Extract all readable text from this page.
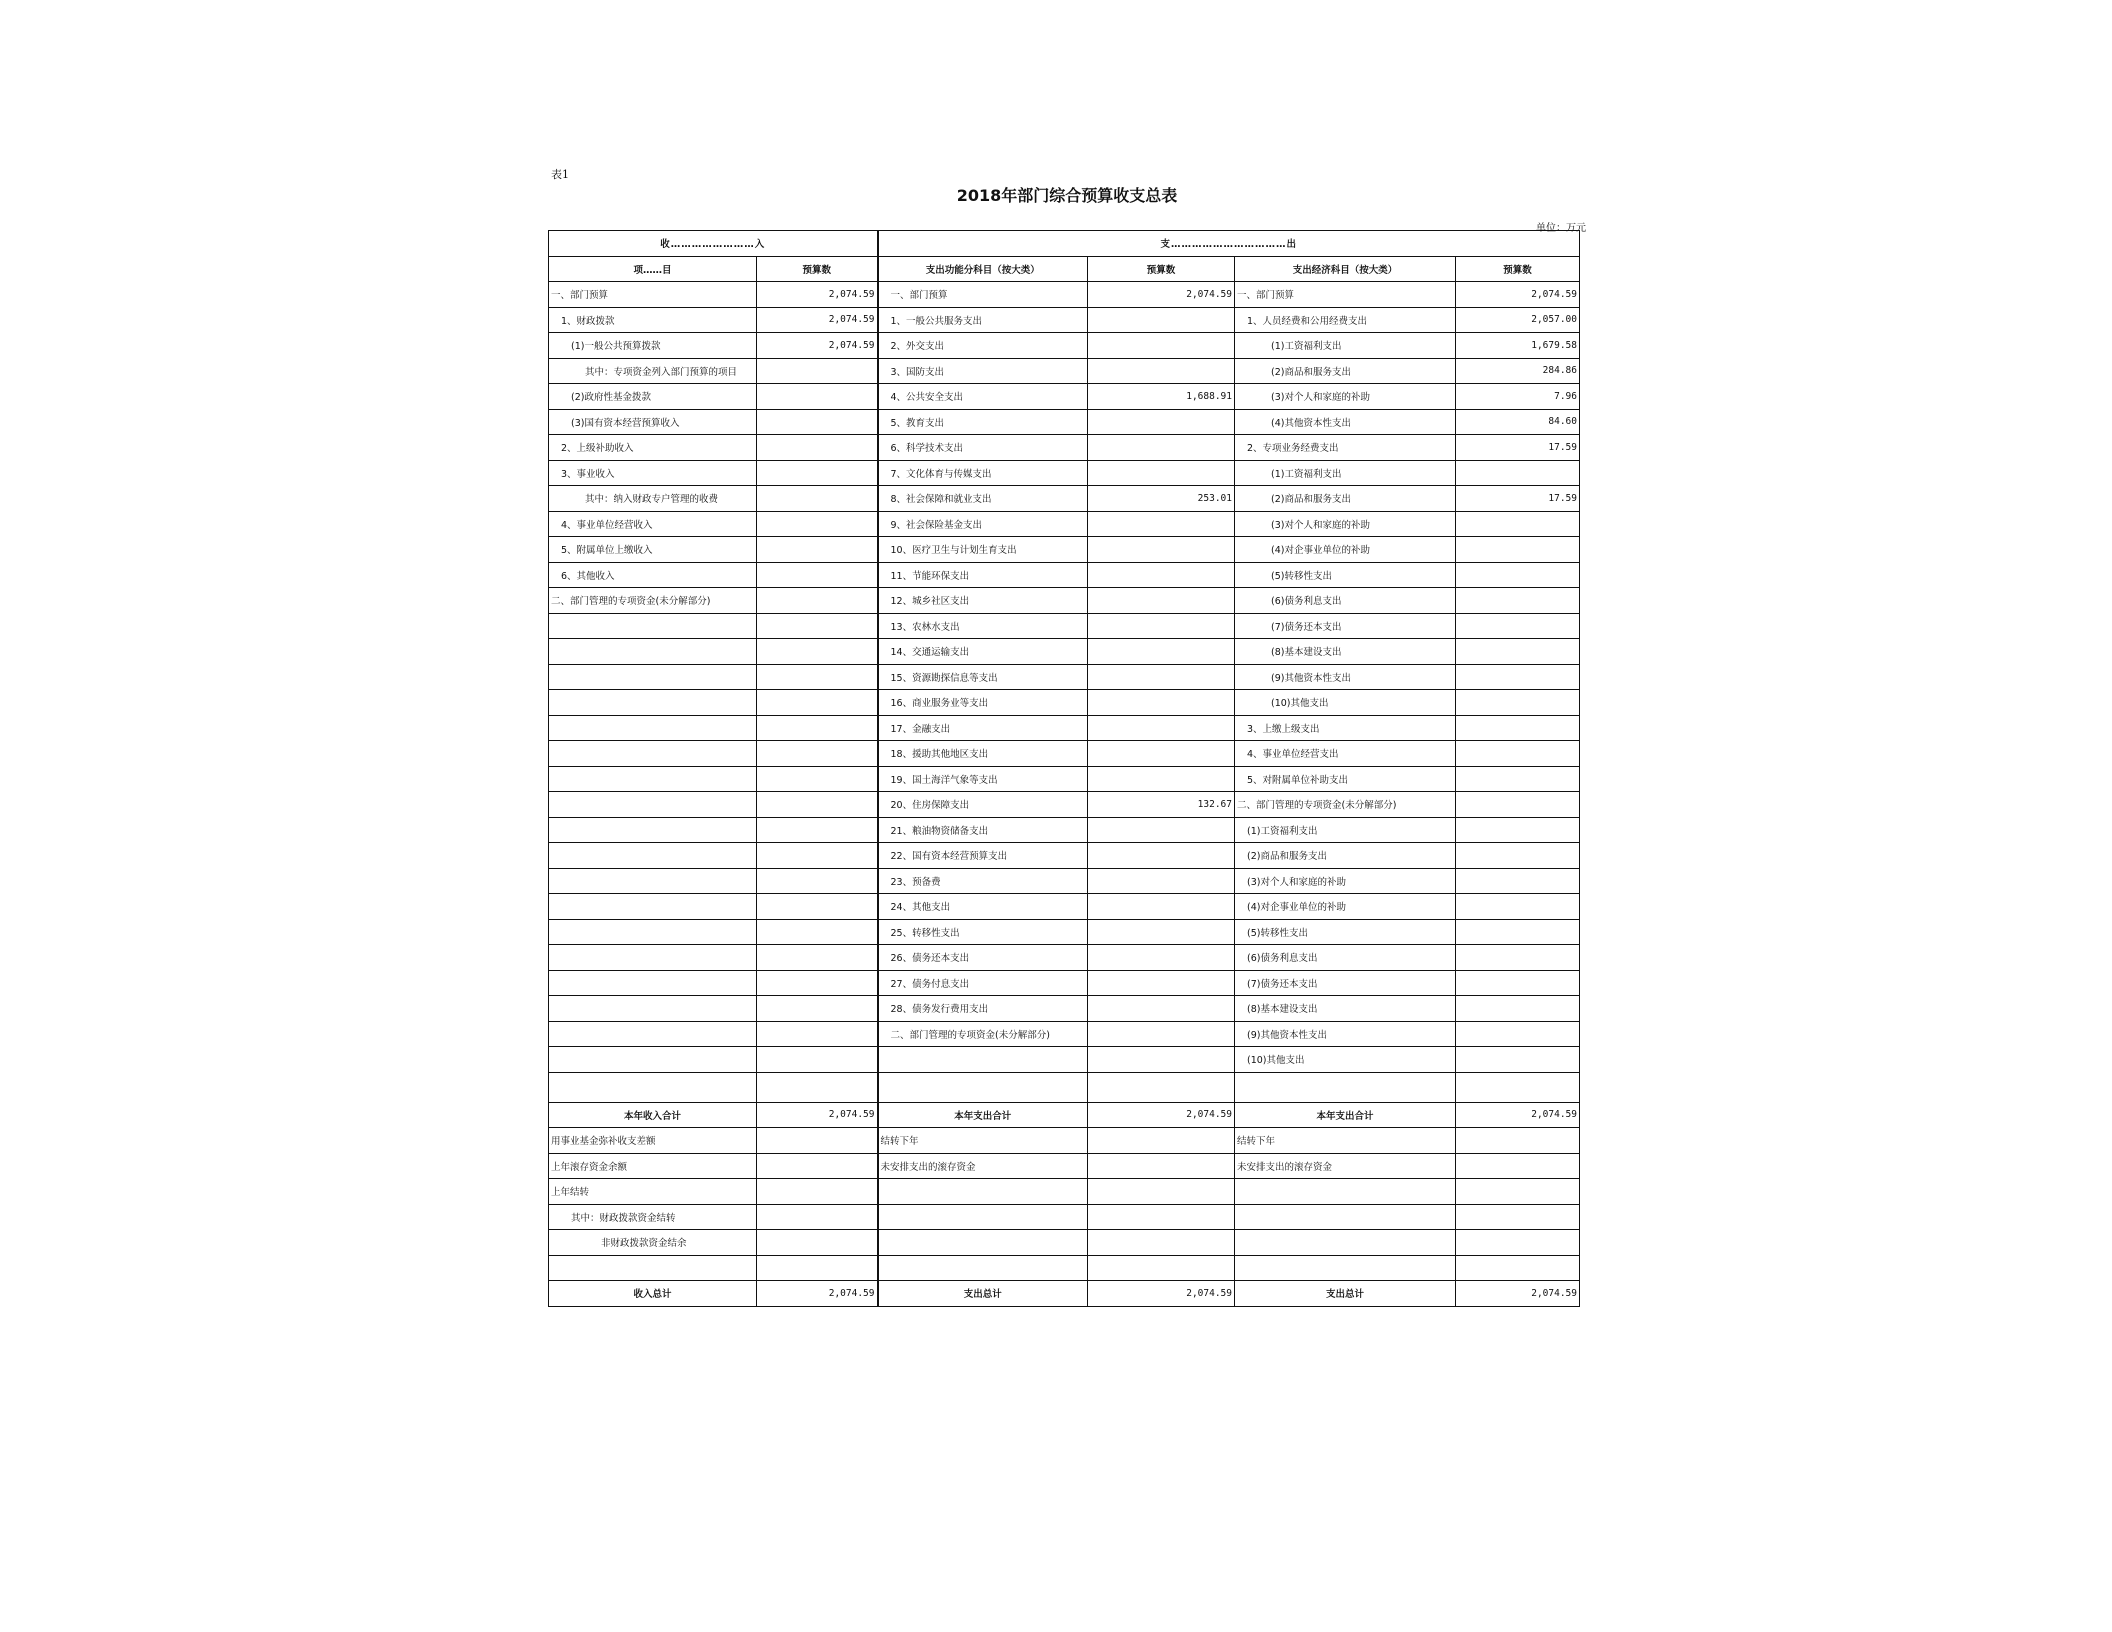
表1
2018年部门综合预算收支总表
单位：万元
收……………………入		支……………………………出			
项……目	预算数	支出功能分科目（按大类）	预算数	支出经济科目（按大类）	预算数
一、部门预算	2,074.59	一、部门预算	2,074.59	一、部门预算	2,074.59
1、财政拨款	2,074.59	1、一般公共服务支出		1、人员经费和公用经费支出	2,057.00
(1)一般公共预算拨款	2,074.59	2、外交支出		(1)工资福利支出	1,679.58
其中：专项资金列入部门预算的项目		3、国防支出		(2)商品和服务支出	284.86
(2)政府性基金拨款		4、公共安全支出	1,688.91	(3)对个人和家庭的补助	7.96
(3)国有资本经营预算收入		5、教育支出		(4)其他资本性支出	84.60
2、上级补助收入		6、科学技术支出		2、专项业务经费支出	17.59
3、事业收入		7、文化体育与传媒支出		(1)工资福利支出	
其中：纳入财政专户管理的收费		8、社会保障和就业支出	253.01	(2)商品和服务支出	17.59
4、事业单位经营收入		9、社会保险基金支出		(3)对个人和家庭的补助	
5、附属单位上缴收入		10、医疗卫生与计划生育支出		(4)对企事业单位的补助	
6、其他收入		11、节能环保支出		(5)转移性支出	
二、部门管理的专项资金(未分解部分)		12、城乡社区支出		(6)债务利息支出	
		13、农林水支出		(7)债务还本支出	
		14、交通运输支出		(8)基本建设支出	
		15、资源勘探信息等支出		(9)其他资本性支出	
		16、商业服务业等支出		(10)其他支出	
		17、金融支出		3、上缴上级支出	
		18、援助其他地区支出		4、事业单位经营支出	
		19、国土海洋气象等支出		5、对附属单位补助支出	
		20、住房保障支出	132.67	二、部门管理的专项资金(未分解部分)	
		21、粮油物资储备支出		(1)工资福利支出	
		22、国有资本经营预算支出		(2)商品和服务支出	
		23、预备费		(3)对个人和家庭的补助	
		24、其他支出		(4)对企事业单位的补助	
		25、转移性支出		(5)转移性支出	
		26、债务还本支出		(6)债务利息支出	
		27、债务付息支出		(7)债务还本支出	
		28、债务发行费用支出		(8)基本建设支出	
		二、部门管理的专项资金(未分解部分)		(9)其他资本性支出	
				(10)其他支出	

本年收入合计	2,074.59	本年支出合计	2,074.59	本年支出合计	2,074.59
用事业基金弥补收支差额		结转下年		结转下年	
上年滚存资金余额		未安排支出的滚存资金		未安排支出的滚存资金	
上年结转					
其中：财政拨款资金结转					
非财政拨款资金结余					

收入总计	2,074.59	支出总计	2,074.59	支出总计	2,074.59
